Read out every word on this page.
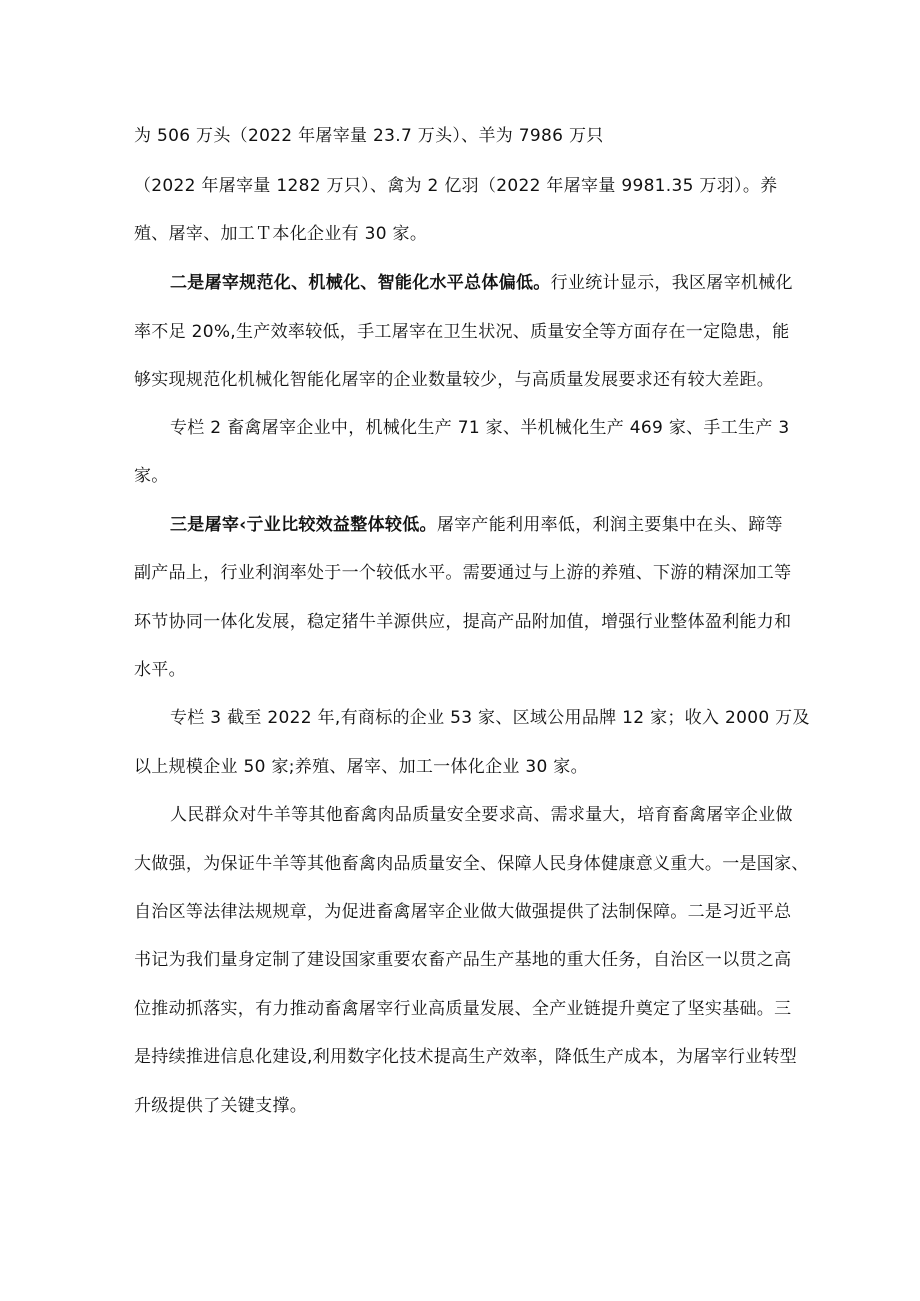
为 506 万头（2022 年屠宰量 23.7 万头）、羊为 7986 万只
（2022 年屠宰量 1282 万只）、禽为 2 亿羽（2022 年屠宰量 9981.35 万羽）。养
殖、屠宰、加工Ｔ本化企业有 30 家。
二是屠宰规范化、机械化、智能化水平总体偏低。行业统计显示，我区屠宰机械化
率不足 20%,生产效率较低，手工屠宰在卫生状况、质量安全等方面存在一定隐患，能
够实现规范化机械化智能化屠宰的企业数量较少，与高质量发展要求还有较大差距。
专栏 2 畜禽屠宰企业中，机械化生产 71 家、半机械化生产 469 家、手工生产 3
家。
三是屠宰‹亍业比较效益整体较低。屠宰产能利用率低，利润主要集中在头、蹄等
副产品上，行业利润率处于一个较低水平。需要通过与上游的养殖、下游的精深加工等
环节协同一体化发展，稳定猪牛羊源供应，提高产品附加值，增强行业整体盈利能力和
水平。
专栏 3 截至 2022 年,有商标的企业 53 家、区域公用品牌 12 家；收入 2000 万及
以上规模企业 50 家;养殖、屠宰、加工一体化企业 30 家。
人民群众对牛羊等其他畜禽肉品质量安全要求高、需求量大，培育畜禽屠宰企业做
大做强，为保证牛羊等其他畜禽肉品质量安全、保障人民身体健康意义重大。一是国家、
自治区等法律法规规章，为促进畜禽屠宰企业做大做强提供了法制保障。二是习近平总
书记为我们量身定制了建设国家重要农畜产品生产基地的重大任务，自治区一以贯之高
位推动抓落实，有力推动畜禽屠宰行业高质量发展、全产业链提升奠定了坚实基础。三
是持续推进信息化建设,利用数字化技术提高生产效率，降低生产成本，为屠宰行业转型
升级提供了关键支撑。
